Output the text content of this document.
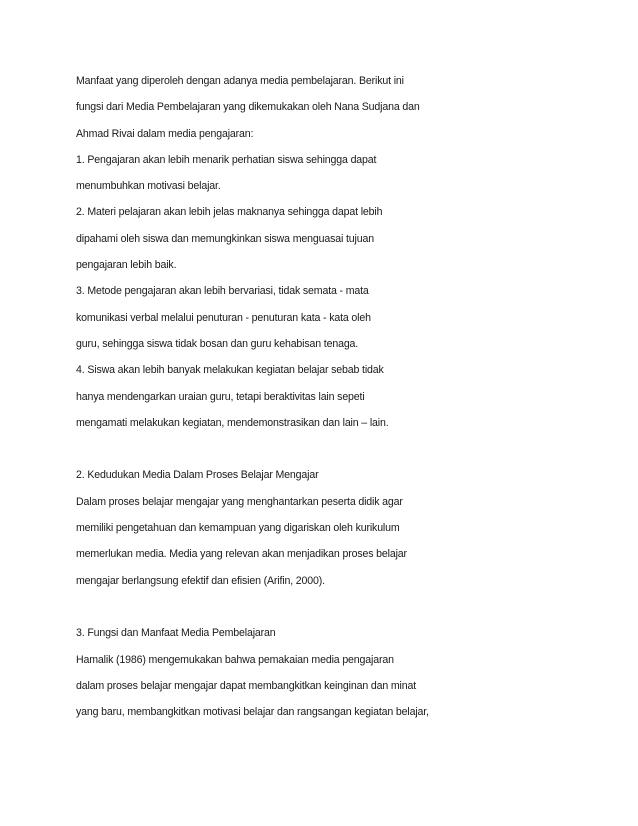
Manfaat yang diperoleh dengan adanya media pembelajaran. Berikut ini
fungsi dari Media Pembelajaran yang dikemukakan oleh Nana Sudjana dan
Ahmad Rivai dalam media pengajaran:
1. Pengajaran akan lebih menarik perhatian siswa sehingga dapat
menumbuhkan motivasi belajar.
2. Materi pelajaran akan lebih jelas maknanya sehingga dapat lebih
dipahami oleh siswa dan memungkinkan siswa menguasai tujuan
pengajaran lebih baik.
3. Metode pengajaran akan lebih bervariasi, tidak semata - mata
komunikasi verbal melalui penuturan - penuturan kata - kata oleh
guru, sehingga siswa tidak bosan dan guru kehabisan tenaga.
4. Siswa akan lebih banyak melakukan kegiatan belajar sebab tidak
hanya mendengarkan uraian guru, tetapi beraktivitas lain sepeti
mengamati melakukan kegiatan, mendemonstrasikan dan lain – lain.
2. Kedudukan Media Dalam Proses Belajar Mengajar
Dalam proses belajar mengajar yang menghantarkan peserta didik agar
memiliki pengetahuan dan kemampuan yang digariskan oleh kurikulum
memerlukan media. Media yang relevan akan menjadikan proses belajar
mengajar berlangsung efektif dan efisien (Arifin, 2000).
3. Fungsi dan Manfaat Media Pembelajaran
Hamalik (1986) mengemukakan bahwa pemakaian media pengajaran
dalam proses belajar mengajar dapat membangkitkan keinginan dan minat
yang baru, membangkitkan motivasi belajar dan rangsangan kegiatan belajar,
